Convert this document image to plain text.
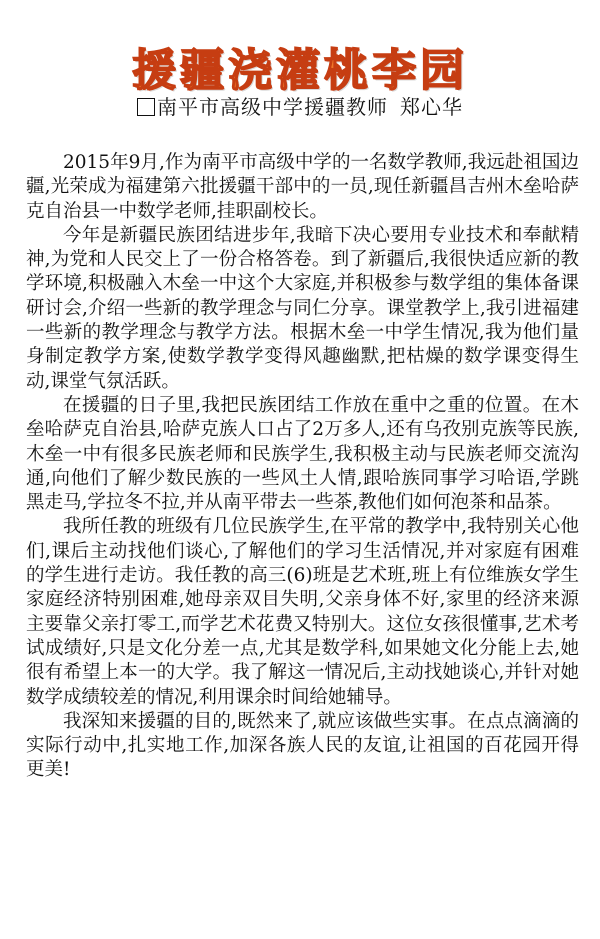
援疆浇灌桃李园
南平市高级中学援疆教师 郑心华

2015年9月,作为南平市高级中学的一名数学教师,我远赴祖国边疆,光荣成为福建第六批援疆干部中的一员,现任新疆昌吉州木垒哈萨克自治县一中数学老师,挂职副校长。

今年是新疆民族团结进步年,我暗下决心要用专业技术和奉献精神,为党和人民交上了一份合格答卷。到了新疆后,我很快适应新的教学环境,积极融入木垒一中这个大家庭,并积极参与数学组的集体备课研讨会,介绍一些新的教学理念与同仁分享。课堂教学上,我引进福建一些新的教学理念与教学方法。根据木垒一中学生情况,我为他们量身制定教学方案,使数学教学变得风趣幽默,把枯燥的数学课变得生动,课堂气氛活跃。

在援疆的日子里,我把民族团结工作放在重中之重的位置。在木垒哈萨克自治县,哈萨克族人口占了2万多人,还有乌孜别克族等民族,木垒一中有很多民族老师和民族学生,我积极主动与民族老师交流沟通,向他们了解少数民族的一些风土人情,跟哈族同事学习哈语,学跳黑走马,学拉冬不拉,并从南平带去一些茶,教他们如何泡茶和品茶。

我所任教的班级有几位民族学生,在平常的教学中,我特别关心他们,课后主动找他们谈心,了解他们的学习生活情况,并对家庭有困难的学生进行走访。我任教的高三(6)班是艺术班,班上有位维族女学生家庭经济特别困难,她母亲双目失明,父亲身体不好,家里的经济来源主要靠父亲打零工,而学艺术花费又特别大。这位女孩很懂事,艺术考试成绩好,只是文化分差一点,尤其是数学科,如果她文化分能上去,她很有希望上本一的大学。我了解这一情况后,主动找她谈心,并针对她数学成绩较差的情况,利用课余时间给她辅导。

我深知来援疆的目的,既然来了,就应该做些实事。在点点滴滴的实际行动中,扎实地工作,加深各族人民的友谊,让祖国的百花园开得更美!
